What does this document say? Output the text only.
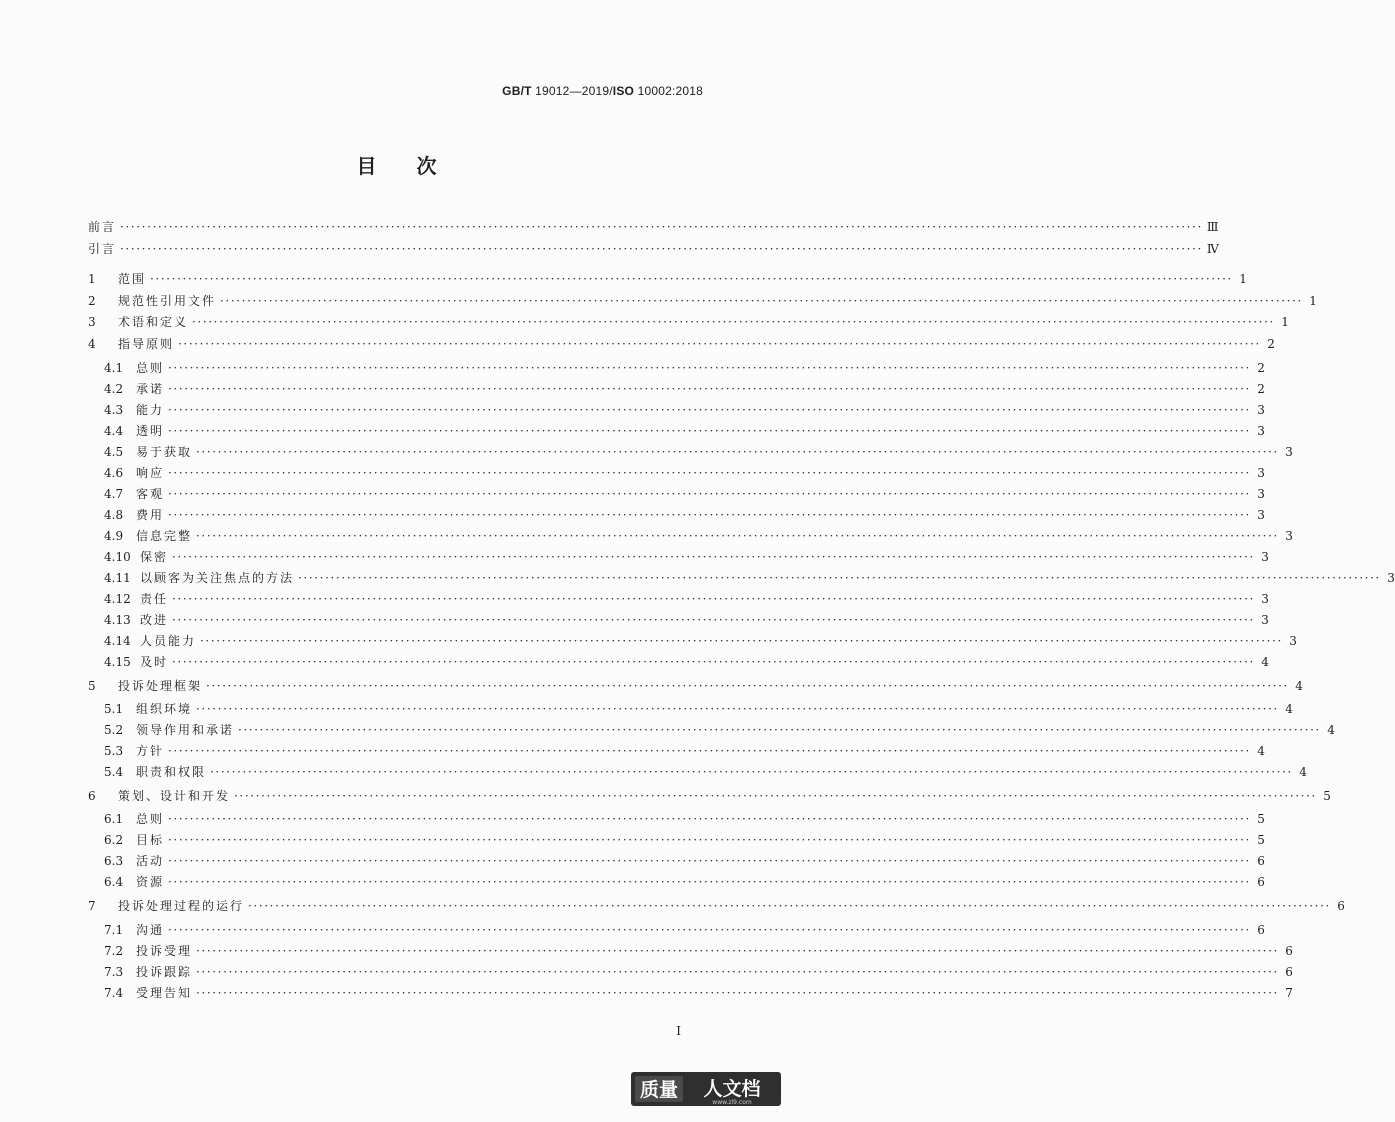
GB/T 19012—2019/ISO 10002:2018
目次
前言 ········································································································································································································ Ⅲ
引言 ········································································································································································································ Ⅳ
1	范围 ········································································································································································································ 1
2	规范性引用文件 ········································································································································································································ 1
3	术语和定义 ········································································································································································································ 1
4	指导原则 ········································································································································································································ 2
4.1	总则 ········································································································································································································ 2
4.2	承诺 ········································································································································································································ 2
4.3	能力 ········································································································································································································ 3
4.4	透明 ········································································································································································································ 3
4.5	易于获取 ········································································································································································································ 3
4.6	响应 ········································································································································································································ 3
4.7	客观 ········································································································································································································ 3
4.8	费用 ········································································································································································································ 3
4.9	信息完整 ········································································································································································································ 3
4.10 保密 ········································································································································································································ 3
4.11 以顾客为关注焦点的方法 ········································································································································································································ 3
4.12 责任 ········································································································································································································ 3
4.13 改进 ········································································································································································································ 3
4.14 人员能力 ········································································································································································································ 3
4.15 及时 ········································································································································································································ 4
5	投诉处理框架 ········································································································································································································ 4
5.1	组织环境 ········································································································································································································ 4
5.2	领导作用和承诺 ········································································································································································································ 4
5.3	方针 ········································································································································································································ 4
5.4	职责和权限 ········································································································································································································ 4
6	策划、设计和开发 ········································································································································································································ 5
6.1	总则 ········································································································································································································ 5
6.2	目标 ········································································································································································································ 5
6.3	活动 ········································································································································································································ 6
6.4	资源 ········································································································································································································ 6
7	投诉处理过程的运行 ········································································································································································································ 6
7.1	沟通 ········································································································································································································ 6
7.2	投诉受理 ········································································································································································································ 6
7.3	投诉跟踪 ········································································································································································································ 6
7.4	受理告知 ········································································································································································································ 7
I
质量 人文档
www.zl9.com
